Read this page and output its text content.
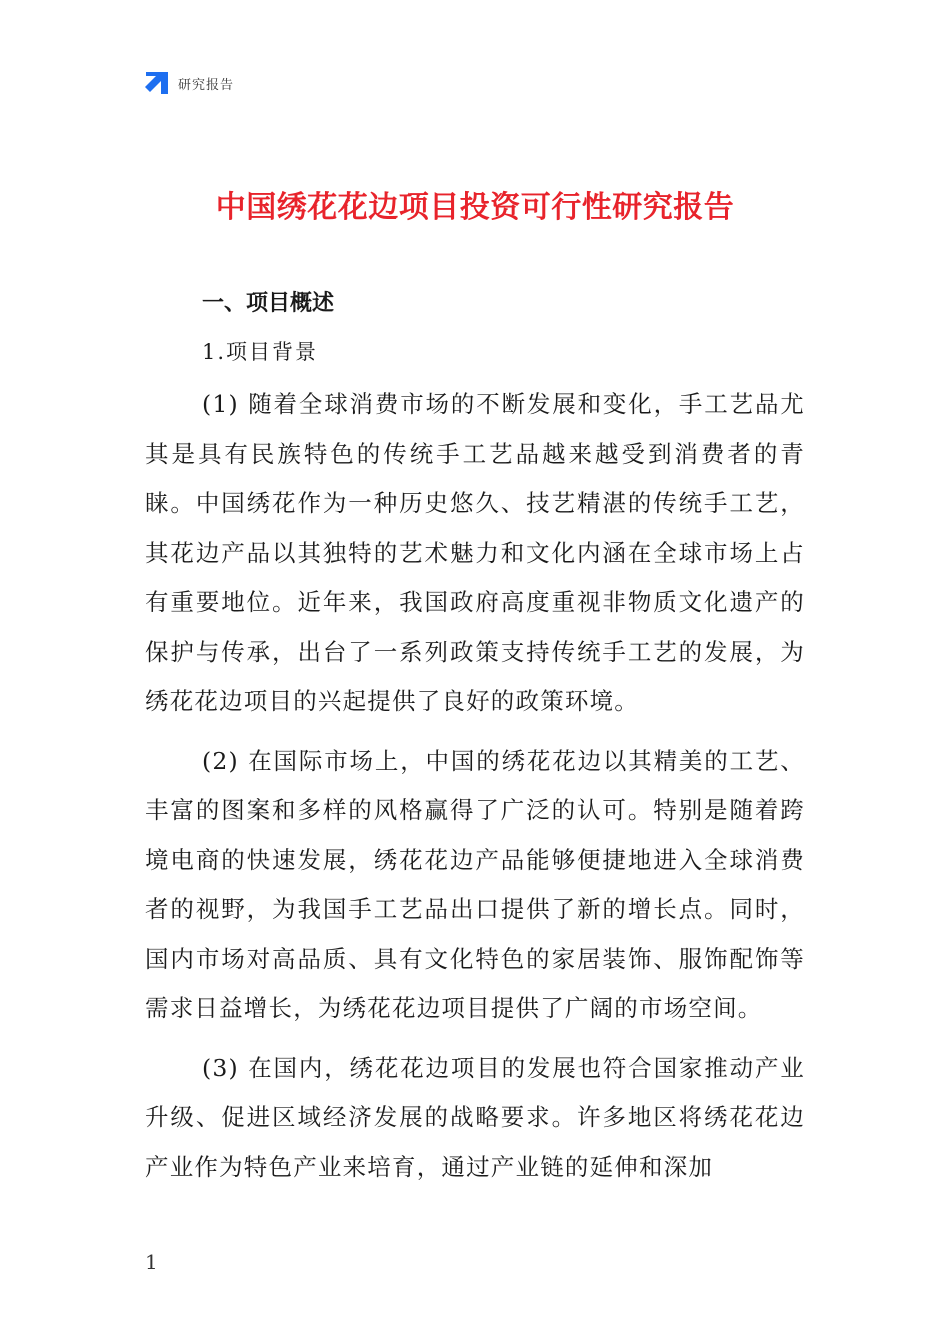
研究报告
中国绣花花边项目投资可行性研究报告
一、项目概述
1.项目背景

(1) 随着全球消费市场的不断发展和变化，手工艺品尤其是具有民族特色的传统手工艺品越来越受到消费者的青睐。中国绣花作为一种历史悠久、技艺精湛的传统手工艺，其花边产品以其独特的艺术魅力和文化内涵在全球市场上占有重要地位。近年来，我国政府高度重视非物质文化遗产的保护与传承，出台了一系列政策支持传统手工艺的发展，为绣花花边项目的兴起提供了良好的政策环境。

(2) 在国际市场上，中国的绣花花边以其精美的工艺、丰富的图案和多样的风格赢得了广泛的认可。特别是随着跨境电商的快速发展，绣花花边产品能够便捷地进入全球消费者的视野，为我国手工艺品出口提供了新的增长点。同时，国内市场对高品质、具有文化特色的家居装饰、服饰配饰等需求日益增长，为绣花花边项目提供了广阔的市场空间。

(3) 在国内，绣花花边项目的发展也符合国家推动产业升级、促进区域经济发展的战略要求。许多地区将绣花花边产业作为特色产业来培育，通过产业链的延伸和深加

1
